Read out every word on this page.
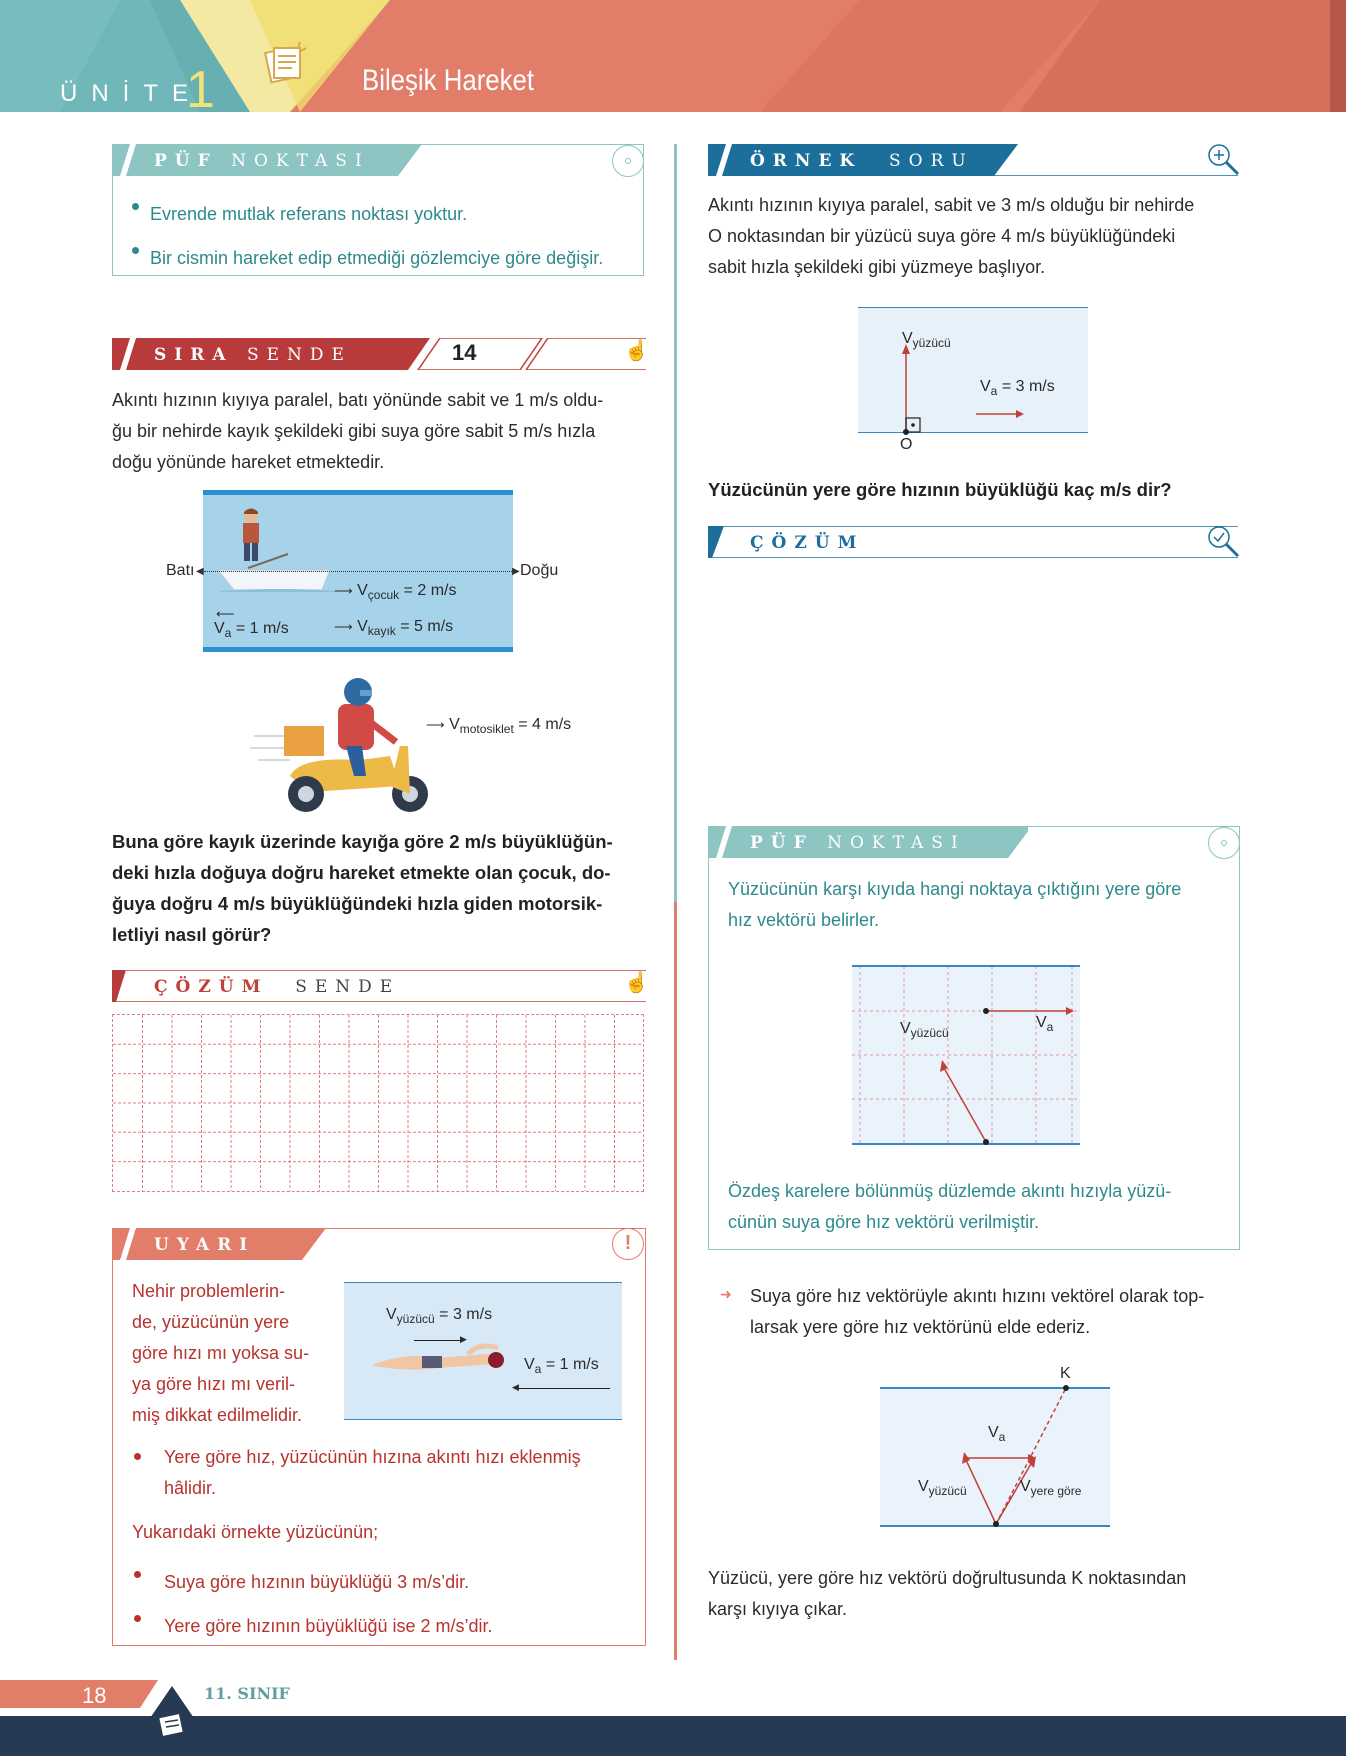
ÜNİTE
1	Bileşik Hareket
PÜF NOKTASI
Evrende mutlak referans noktası yoktur.
Bir cismin hareket edip etmediği gözlemciye göre değişir.
SIRA SENDE	14	☝
Akıntı hızının kıyıya paralel, batı yönünde sabit ve 1 m/s oldu-
ğu bir nehirde kayık şekildeki gibi suya göre sabit 5 m/s hızla
doğu yönünde hareket etmektedir.
◀	▶
Batı	Doğu
⟶ $V_{çocuk} = 2$ m/s
⟵
$V_a = 1$ m/s	⟶ $V_{kayık} = 5$ m/s
⟶ $V_{motosiklet} = 4$ m/s
Buna göre kayık üzerinde kayığa göre 2 m/s büyüklüğün-
deki hızla doğuya doğru hareket etmekte olan çocuk, do-
ğuya doğru 4 m/s büyüklüğündeki hızla giden motorsik-
letliyi nasıl görür?
ÇÖZÜM SENDE	☝
UYARI	!
Nehir problemlerin-
de, yüzücünün yere
göre hızı mı yoksa su-
ya göre hızı mı veril-
miş dikkat edilmelidir.
$V_{yüzücü} = 3$ m/s
▶
$V_a = 1$ m/s
◀
Yere göre hız, yüzücünün hızına akıntı hızı eklenmiş
hâlidir.
Yukarıdaki örnekte yüzücünün;
Suya göre hızının büyüklüğü 3 m/s’dir.
Yere göre hızının büyüklüğü ise 2 m/s’dir.
ÖRNEK SORU
Akıntı hızının kıyıya paralel, sabit ve 3 m/s olduğu bir nehirde
O noktasından bir yüzücü suya göre 4 m/s büyüklüğündeki
sabit hızla şekildeki gibi yüzmeye başlıyor.
$V_{yüzücü}$
$V_a = 3$ m/s
O
Yüzücünün yere göre hızının büyüklüğü kaç m/s dir?
ÇÖZÜM
PÜF NOKTASI
Yüzücünün karşı kıyıda hangi noktaya çıktığını yere göre
hız vektörü belirler.
$V_{yüzücü}$
$V_a$
Özdeş karelere bölünmüş düzlemde akıntı hızıyla yüzü-
cünün suya göre hız vektörü verilmiştir.
➜ Suya göre hız vektörüyle akıntı hızını vektörel olarak top-
larsak yere göre hız vektörünü elde ederiz.
K
$V_a$
$V_{yüzücü}$	$V_{yere göre}$
Yüzücü, yere göre hız vektörü doğrultusunda K noktasından
karşı kıyıya çıkar.
18	11. SINIF
